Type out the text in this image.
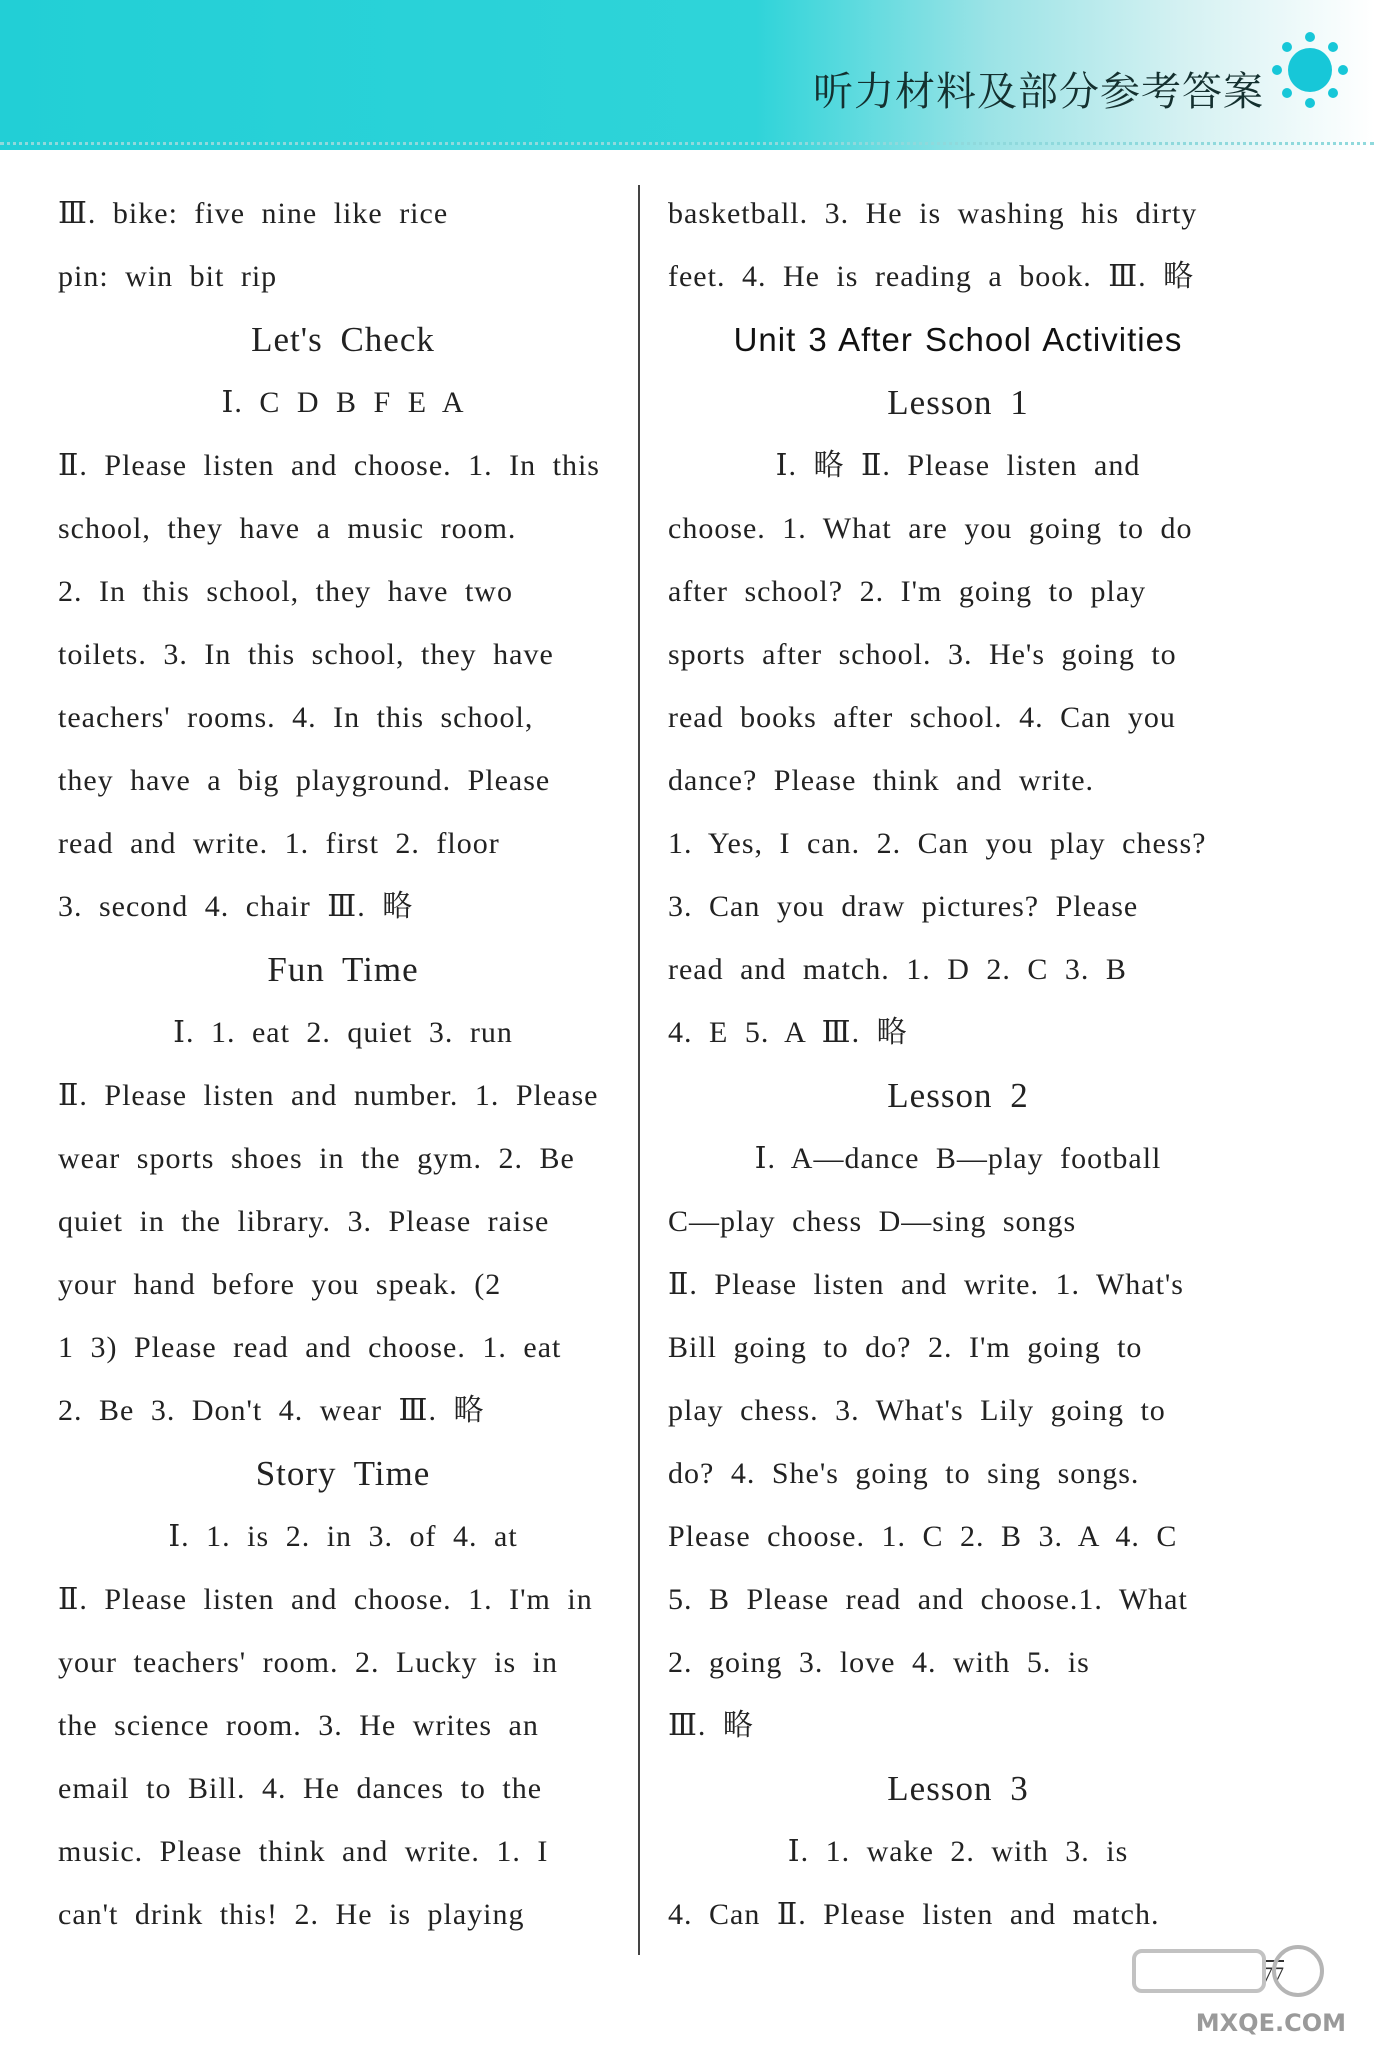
听力材料及部分参考答案
Ⅲ. bike: five nine like rice
pin: win bit rip
Let's Check
Ⅰ. C D B F E A
Ⅱ. Please listen and choose. 1. In this
school, they have a music room.
2. In this school, they have two
toilets. 3. In this school, they have
teachers' rooms. 4. In this school,
they have a big playground. Please
read and write. 1. first 2. floor
3. second 4. chair Ⅲ. 略
Fun Time
Ⅰ. 1. eat 2. quiet 3. run
Ⅱ. Please listen and number. 1. Please
wear sports shoes in the gym. 2. Be
quiet in the library. 3. Please raise
your hand before you speak. (2
1 3) Please read and choose. 1. eat
2. Be 3. Don't 4. wear Ⅲ. 略
Story Time
Ⅰ. 1. is 2. in 3. of 4. at
Ⅱ. Please listen and choose. 1. I'm in
your teachers' room. 2. Lucky is in
the science room. 3. He writes an
email to Bill. 4. He dances to the
music. Please think and write. 1. I
can't drink this! 2. He is playing
basketball. 3. He is washing his dirty
feet. 4. He is reading a book. Ⅲ. 略
Unit 3 After School Activities
Lesson 1
Ⅰ. 略 Ⅱ. Please listen and
choose. 1. What are you going to do
after school? 2. I'm going to play
sports after school. 3. He's going to
read books after school. 4. Can you
dance? Please think and write.
1. Yes, I can. 2. Can you play chess?
3. Can you draw pictures? Please
read and match. 1. D 2. C 3. B
4. E 5. A Ⅲ. 略
Lesson 2
Ⅰ. A—dance B—play football
C—play chess D—sing songs
Ⅱ. Please listen and write. 1. What's
Bill going to do? 2. I'm going to
play chess. 3. What's Lily going to
do? 4. She's going to sing songs.
Please choose. 1. C 2. B 3. A 4. C
5. B Please read and choose.1. What
2. going 3. love 4. with 5. is
Ⅲ. 略
Lesson 3
Ⅰ. 1. wake 2. with 3. is
4. Can Ⅱ. Please listen and match.
77
MXQE.COM
